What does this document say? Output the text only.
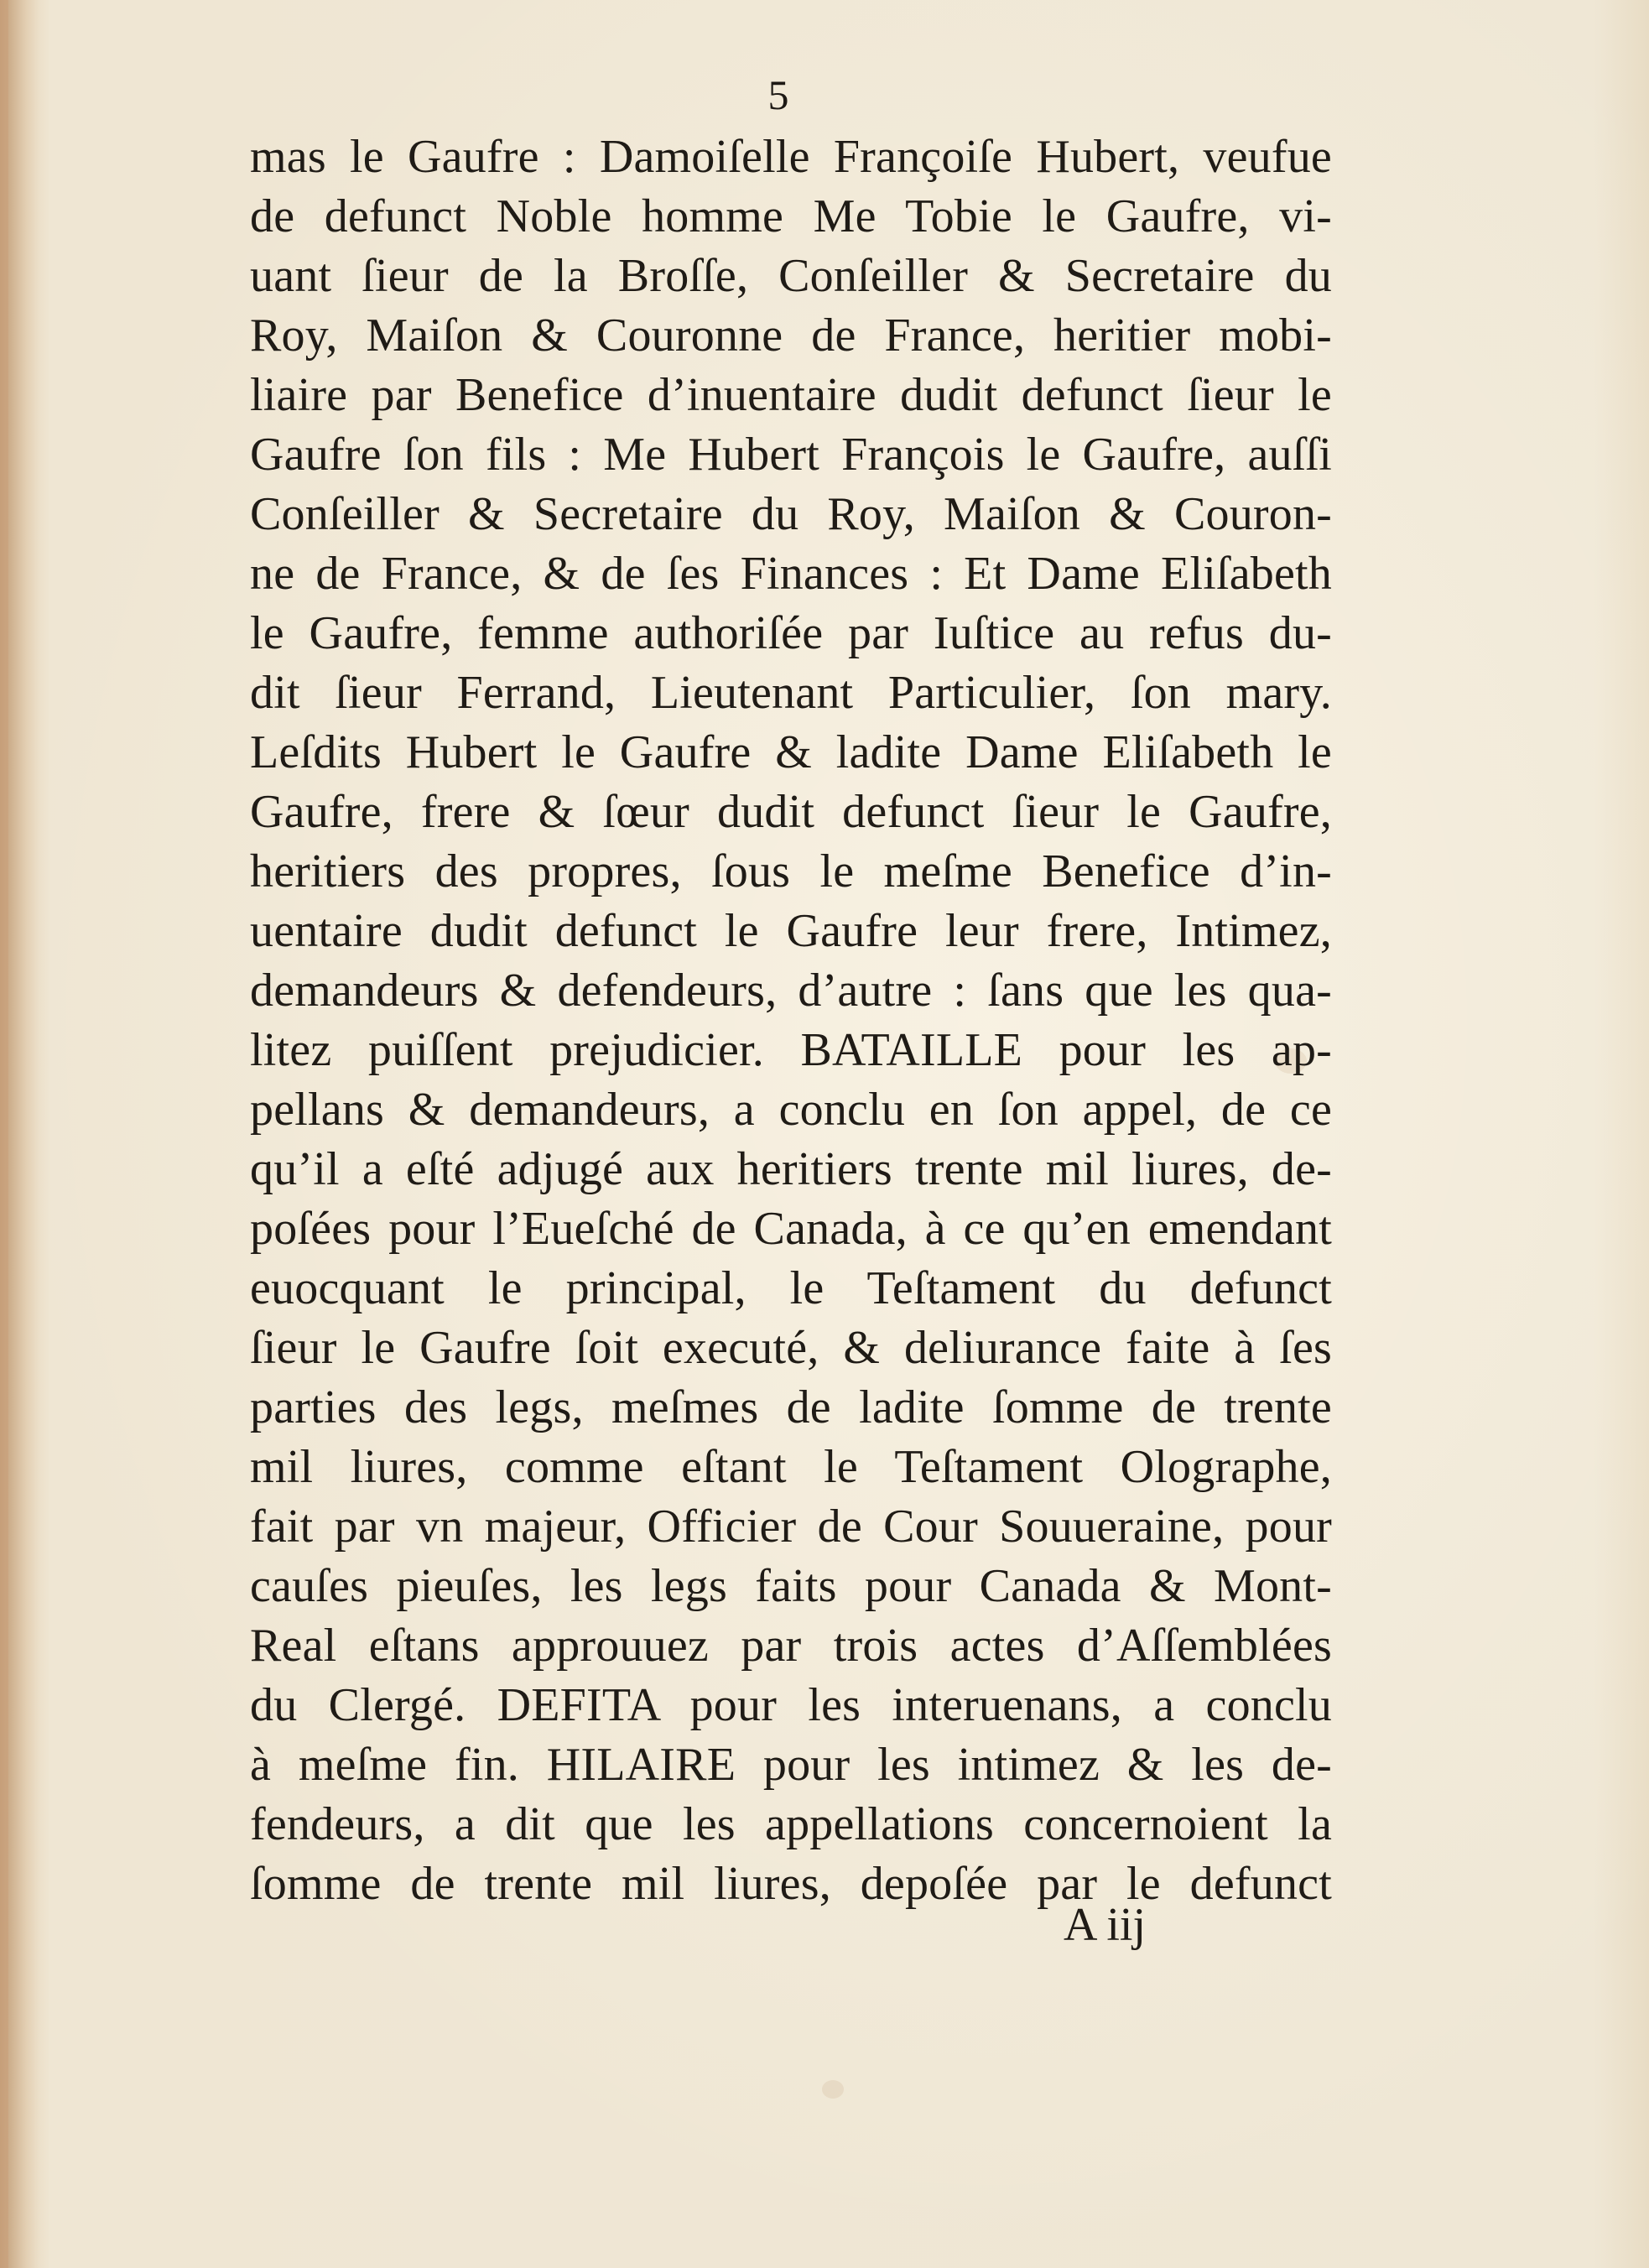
5
mas le Gaufre : Damoiſelle Françoiſe Hubert, veufue
de defunct Noble homme Me Tobie le Gaufre, vi-
uant ſieur de la Broſſe, Conſeiller & Secretaire du
Roy, Maiſon & Couronne de France, heritier mobi-
liaire par Benefice d’inuentaire dudit defunct ſieur le
Gaufre ſon fils : Me Hubert François le Gaufre, auſſi
Conſeiller & Secretaire du Roy, Maiſon & Couron-
ne de France, & de ſes Finances : Et Dame Eliſabeth
le Gaufre, femme authoriſée par Iuſtice au refus du-
dit ſieur Ferrand, Lieutenant Particulier, ſon mary.
Leſdits Hubert le Gaufre & ladite Dame Eliſabeth le
Gaufre, frere & ſœur dudit defunct ſieur le Gaufre,
heritiers des propres, ſous le meſme Benefice d’in-
uentaire dudit defunct le Gaufre leur frere, Intimez,
demandeurs & defendeurs, d’autre : ſans que les qua-
litez puiſſent prejudicier. BATAILLE pour les ap-
pellans & demandeurs, a conclu en ſon appel, de ce
qu’il a eſté adjugé aux heritiers trente mil liures, de-
poſées pour l’Eueſché de Canada, à ce qu’en emendant
euocquant le principal, le Teſtament du defunct
ſieur le Gaufre ſoit executé, & deliurance faite à ſes
parties des legs, meſmes de ladite ſomme de trente
mil liures, comme eſtant le Teſtament Olographe,
fait par vn majeur, Officier de Cour Souueraine, pour
cauſes pieuſes, les legs faits pour Canada & Mont-
Real eſtans approuuez par trois actes d’Aſſemblées
du Clergé. DEFITA pour les interuenans, a conclu
à meſme fin. HILAIRE pour les intimez & les de-
fendeurs, a dit que les appellations concernoient la
ſomme de trente mil liures, depoſée par le defunct
A iij
